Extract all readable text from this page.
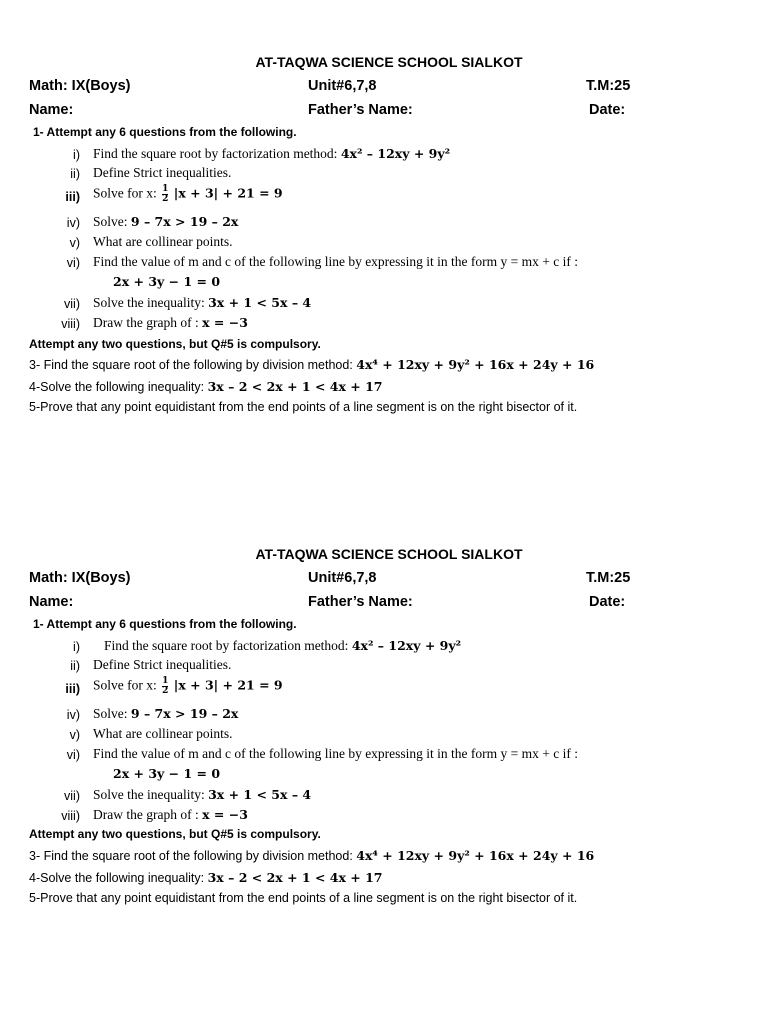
AT-TAQWA SCIENCE SCHOOL SIALKOT
Math: IX(Boys)	Unit#6,7,8	T.M:25
Name:	Father’s Name:	Date:
1- Attempt any 6 questions from the following.
i) Find the square root by factorization method: 4x² – 12xy + 9y²
ii) Define Strict inequalities.
iii) Solve for x: $\frac{1}{2} |x + 3| + 21 = 9$
iv) Solve: 9 – 7x > 19 – 2x
v) What are collinear points.
vi) Find the value of m and c of the following line by expressing it in the form y = mx + c if :
2x + 3y − 1 = 0
vii) Solve the inequality: 3x + 1 < 5x – 4
viii) Draw the graph of : x = −3
Attempt any two questions, but Q#5 is compulsory.
3- Find the square root of the following by division method: 4x⁴ + 12xy + 9y² + 16x + 24y + 16
4-Solve the following inequality: 3x – 2 < 2x + 1 < 4x + 17
5-Prove that any point equidistant from the end points of a line segment is on the right bisector of it.
AT-TAQWA SCIENCE SCHOOL SIALKOT
Math: IX(Boys)	Unit#6,7,8	T.M:25
Name:	Father’s Name:	Date:
1- Attempt any 6 questions from the following.
i) Find the square root by factorization method: 4x² – 12xy + 9y²
ii) Define Strict inequalities.
iii) Solve for x: $\frac{1}{2} |x + 3| + 21 = 9$
iv) Solve: 9 – 7x > 19 – 2x
v) What are collinear points.
vi) Find the value of m and c of the following line by expressing it in the form y = mx + c if :
2x + 3y − 1 = 0
vii) Solve the inequality: 3x + 1 < 5x – 4
viii) Draw the graph of : x = −3
Attempt any two questions, but Q#5 is compulsory.
3- Find the square root of the following by division method: 4x⁴ + 12xy + 9y² + 16x + 24y + 16
4-Solve the following inequality: 3x – 2 < 2x + 1 < 4x + 17
5-Prove that any point equidistant from the end points of a line segment is on the right bisector of it.
